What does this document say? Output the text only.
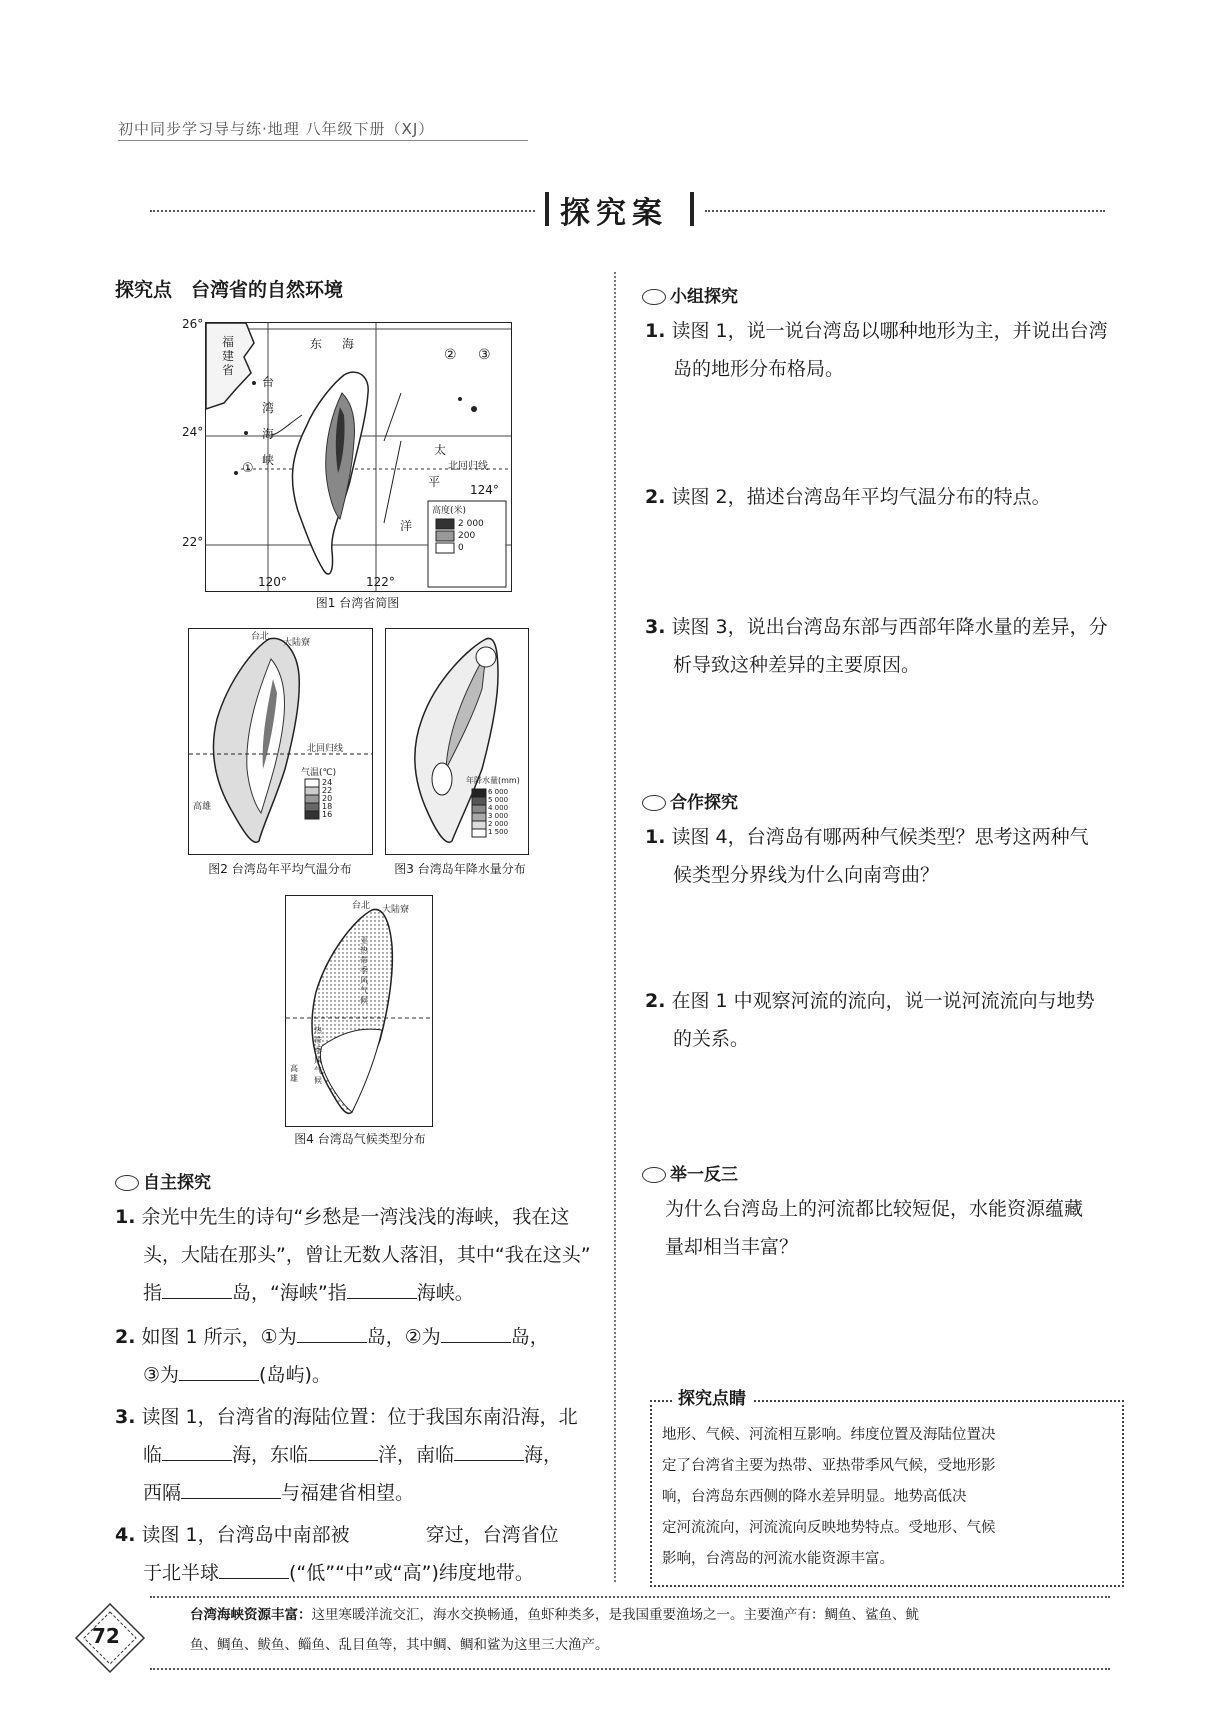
初中同步学习导与练·地理 八年级下册（XJ）
探究案
探究点　台湾省的自然环境
26°
24°
22°
120°	122°
124°
福建省
台湾海峡
东海
太
平
洋
北回归线
①
② ③
高度(米)
2 000
200
0
图1 台湾省简图
台北
大陆寮
北回归线
高雄
气温(℃)
24
22
20
18
16
图2 台湾岛年平均气温分布
年降水量(mm)
6 000
5 000
4 000
3 000
2 000
1 500
图3 台湾岛年降水量分布
台北 大陆寮
亚热带季风气候
热带季风气候
高雄
图4 台湾岛气候类型分布
自主探究
1. 余光中先生的诗句“乡愁是一湾浅浅的海峡，我在这
头，大陆在那头”，曾让无数人落泪，其中“我在这头”
指	岛，“海峡”指	海峡。
2. 如图 1 所示，①为	岛，②为	岛，
③为	(岛屿)。
3. 读图 1，台湾省的海陆位置：位于我国东南沿海，北
临	海，东临	洋，南临	海，
西隔	与福建省相望。
4. 读图 1，台湾岛中南部被	穿过，台湾省位
于北半球	(“低”“中”或“高”)纬度地带。
小组探究
1. 读图 1，说一说台湾岛以哪种地形为主，并说出台湾
岛的地形分布格局。
2. 读图 2，描述台湾岛年平均气温分布的特点。
3. 读图 3，说出台湾岛东部与西部年降水量的差异，分
析导致这种差异的主要原因。
合作探究
1. 读图 4，台湾岛有哪两种气候类型？思考这两种气
候类型分界线为什么向南弯曲？
2. 在图 1 中观察河流的流向，说一说河流流向与地势
的关系。
举一反三
为什么台湾岛上的河流都比较短促，水能资源蕴藏
量却相当丰富？
地形、气候、河流相互影响。纬度位置及海陆位置决
定了台湾省主要为热带、亚热带季风气候，受地形影
响，台湾岛东西侧的降水差异明显。地势高低决
定河流流向，河流流向反映地势特点。受地形、气候
影响，台湾岛的河流水能资源丰富。
探究点睛
72
台湾海峡资源丰富：这里寒暖洋流交汇，海水交换畅通，鱼虾种类多，是我国重要渔场之一。主要渔产有：鲷鱼、鲨鱼、鱿
鱼、鲷鱼、鲅鱼、鲻鱼、乱目鱼等，其中鲷、鲷和鲨为这里三大渔产。
